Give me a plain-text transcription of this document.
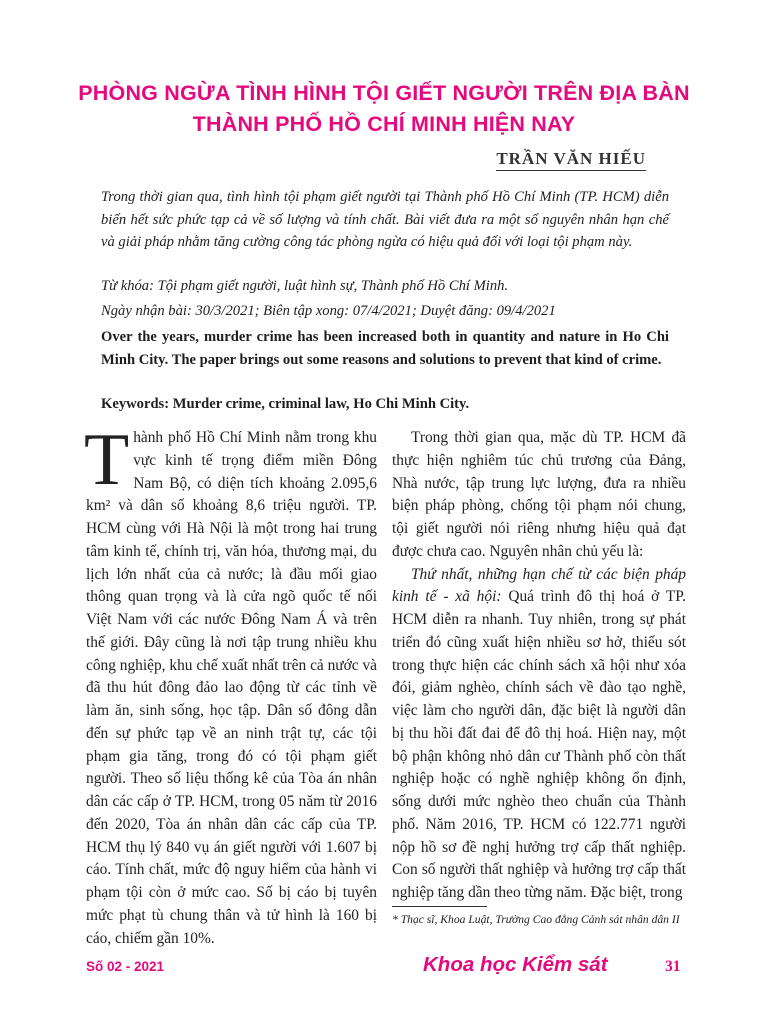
PHÒNG NGỪA TÌNH HÌNH TỘI GIẾT NGƯỜI TRÊN ĐỊA BÀN
THÀNH PHỐ HỒ CHÍ MINH HIỆN NAY
TRẦN VĂN HIẾU
Trong thời gian qua, tình hình tội phạm giết người tại Thành phố Hồ Chí Minh (TP. HCM) diễn biến hết sức phức tạp cả về số lượng và tính chất. Bài viết đưa ra một số nguyên nhân hạn chế và giải pháp nhằm tăng cường công tác phòng ngừa có hiệu quả đối với loại tội phạm này.
Từ khóa: Tội phạm giết người, luật hình sự, Thành phố Hồ Chí Minh.
Ngày nhận bài: 30/3/2021; Biên tập xong: 07/4/2021; Duyệt đăng: 09/4/2021
Over the years, murder crime has been increased both in quantity and nature in Ho Chi Minh City. The paper brings out some reasons and solutions to prevent that kind of crime.
Keywords: Murder crime, criminal law, Ho Chi Minh City.

Thành phố Hồ Chí Minh nằm trong khu vực kinh tế trọng điểm miền Đông Nam Bộ, có diện tích khoảng 2.095,6 km² và dân số khoảng 8,6 triệu người. TP. HCM cùng với Hà Nội là một trong hai trung tâm kinh tế, chính trị, văn hóa, thương mại, du lịch lớn nhất của cả nước; là đầu mối giao thông quan trọng và là cửa ngõ quốc tế nối Việt Nam với các nước Đông Nam Á và trên thế giới. Đây cũng là nơi tập trung nhiều khu công nghiệp, khu chế xuất nhất trên cả nước và đã thu hút đông đảo lao động từ các tỉnh về làm ăn, sinh sống, học tập. Dân số đông dẫn đến sự phức tạp về an ninh trật tự, các tội phạm gia tăng, trong đó có tội phạm giết người. Theo số liệu thống kê của Tòa án nhân dân các cấp ở TP. HCM, trong 05 năm từ 2016 đến 2020, Tòa án nhân dân các cấp của TP. HCM thụ lý 840 vụ án giết người với 1.607 bị cáo. Tính chất, mức độ nguy hiểm của hành vi phạm tội còn ở mức cao. Số bị cáo bị tuyên mức phạt tù chung thân và tử hình là 160 bị cáo, chiếm gần 10%.

Trong thời gian qua, mặc dù TP. HCM đã thực hiện nghiêm túc chủ trương của Đảng, Nhà nước, tập trung lực lượng, đưa ra nhiều biện pháp phòng, chống tội phạm nói chung, tội giết người nói riêng nhưng hiệu quả đạt được chưa cao. Nguyên nhân chủ yếu là:

Thứ nhất, những hạn chế từ các biện pháp kinh tế - xã hội: Quá trình đô thị hoá ở TP. HCM diễn ra nhanh. Tuy nhiên, trong sự phát triển đó cũng xuất hiện nhiều sơ hở, thiếu sót trong thực hiện các chính sách xã hội như xóa đói, giảm nghèo, chính sách về đào tạo nghề, việc làm cho người dân, đặc biệt là người dân bị thu hồi đất đai để đô thị hoá. Hiện nay, một bộ phận không nhỏ dân cư Thành phố còn thất nghiệp hoặc có nghề nghiệp không ổn định, sống dưới mức nghèo theo chuẩn của Thành phố. Năm 2016, TP. HCM có 122.771 người nộp hồ sơ đề nghị hưởng trợ cấp thất nghiệp. Con số người thất nghiệp và hưởng trợ cấp thất nghiệp tăng dần theo từng năm. Đặc biệt, trong

* Thạc sĩ, Khoa Luật, Trường Cao đẳng Cảnh sát nhân dân II
Số 02 - 2021	Khoa học Kiểm sát	31
